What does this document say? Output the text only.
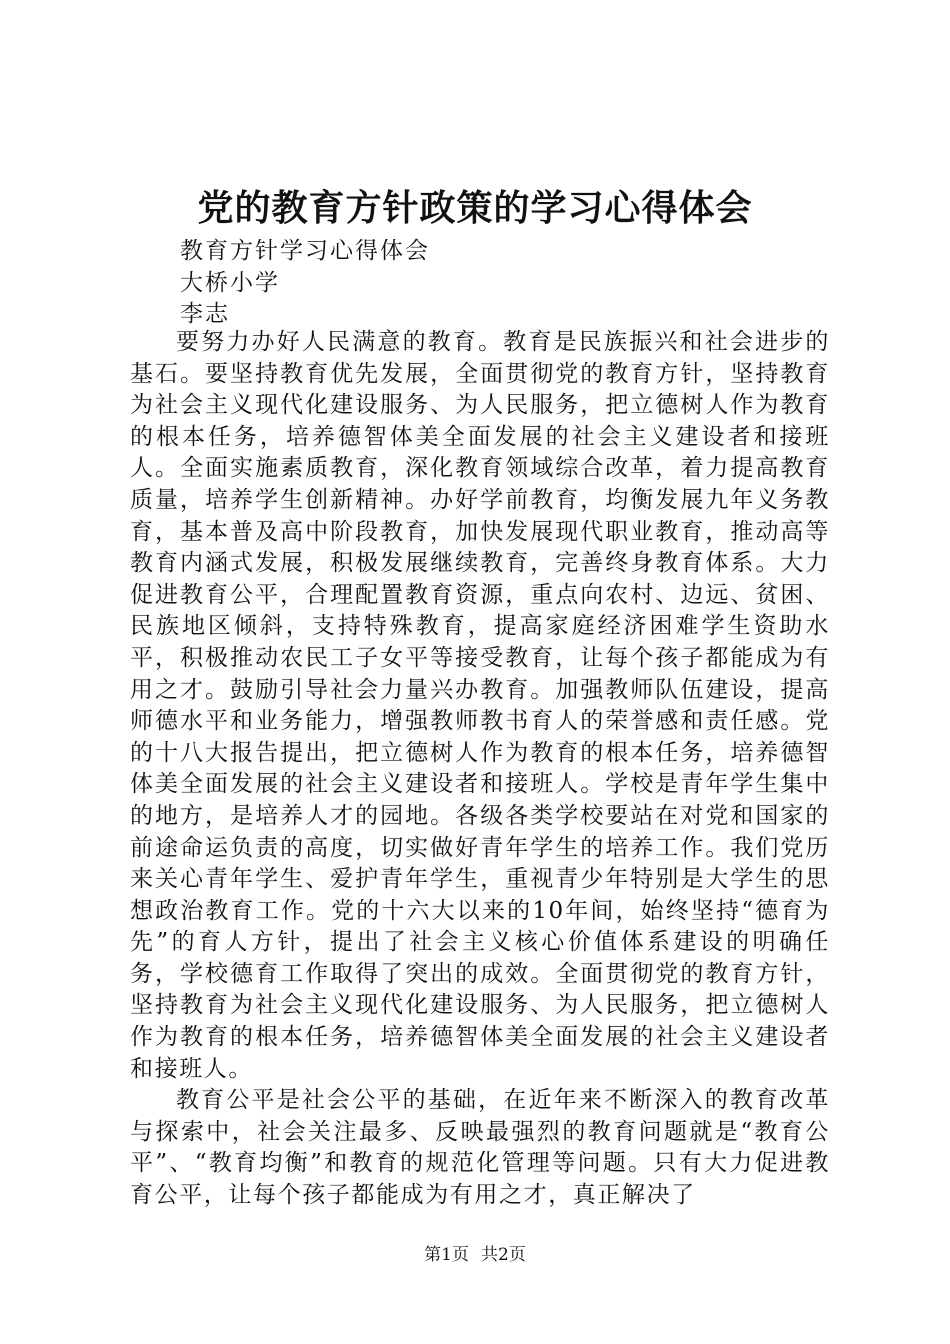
党的教育方针政策的学习心得体会
教育方针学习心得体会
大桥小学
李志

要努力办好人民满意的教育。教育是民族振兴和社会进步的基石。要坚持教育优先发展，全面贯彻党的教育方针，坚持教育为社会主义现代化建设服务、为人民服务，把立德树人作为教育的根本任务，培养德智体美全面发展的社会主义建设者和接班人。全面实施素质教育，深化教育领域综合改革，着力提高教育质量，培养学生创新精神。办好学前教育，均衡发展九年义务教育，基本普及高中阶段教育，加快发展现代职业教育，推动高等教育内涵式发展，积极发展继续教育，完善终身教育体系。大力促进教育公平，合理配置教育资源，重点向农村、边远、贫困、民族地区倾斜，支持特殊教育，提高家庭经济困难学生资助水平，积极推动农民工子女平等接受教育，让每个孩子都能成为有用之才。鼓励引导社会力量兴办教育。加强教师队伍建设，提高师德水平和业务能力，增强教师教书育人的荣誉感和责任感。党的十八大报告提出，把立德树人作为教育的根本任务，培养德智体美全面发展的社会主义建设者和接班人。学校是青年学生集中的地方，是培养人才的园地。各级各类学校要站在对党和国家的前途命运负责的高度，切实做好青年学生的培养工作。我们党历来关心青年学生、爱护青年学生，重视青少年特别是大学生的思想政治教育工作。党的十六大以来的10年间，始终坚持“德育为先”的育人方针，提出了社会主义核心价值体系建设的明确任务，学校德育工作取得了突出的成效。全面贯彻党的教育方针，坚持教育为社会主义现代化建设服务、为人民服务，把立德树人作为教育的根本任务，培养德智体美全面发展的社会主义建设者和接班人。

教育公平是社会公平的基础，在近年来不断深入的教育改革与探索中，社会关注最多、反映最强烈的教育问题就是“教育公平”、“教育均衡”和教育的规范化管理等问题。只有大力促进教育公平，让每个孩子都能成为有用之才，真正解决了

第1页 共2页
